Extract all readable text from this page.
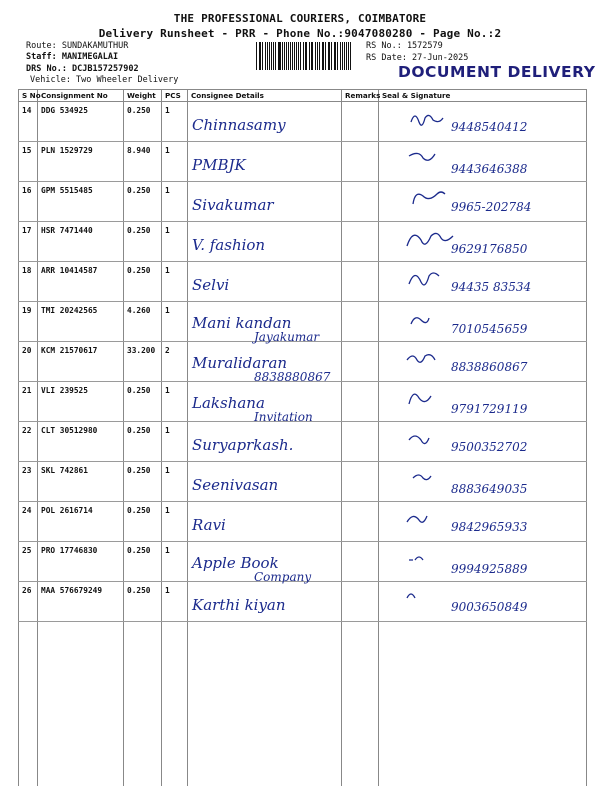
THE PROFESSIONAL COURIERS, COIMBATORE
Delivery Runsheet - PRR - Phone No.:9047080280 - Page No.:2
Route: SUNDAKAMUTHUR
Staff: MANIMEGALAI
DRS No.: DCJB157257902
Vehicle: Two Wheeler Delivery
RS No.: 1572579
RS Date: 27-Jun-2025
DOCUMENT DELIVERY
S No	Consignment No	Weight	PCS	Consignee Details	Remarks	Seal & Signature
14	DDG 534925	0.250	1	Chinnasamy		9448540412

15	PLN 1529729	8.940	1	PMBJK		9443646388

16	GPM 5515485	0.250	1	Sivakumar		9965-202784

17	HSR 7471440	0.250	1	V. fashion		9629176850

18	ARR 10414587	0.250	1	Selvi		94435 83534

19	TMI 20242565	4.260	1	Mani kandan
Jayakumar		7010545659

20	KCM 21570617	33.200	2	Muralidaran
8838880867		8838860867

21	VLI 239525	0.250	1	Lakshana
Invitation		9791729119

22	CLT 30512980	0.250	1	Suryaprkash.		9500352702

23	SKL 742861	0.250	1	Seenivasan		8883649035

24	POL 2616714	0.250	1	Ravi		9842965933

25	PRO 17746830	0.250	1	Apple Book
Company		9994925889

26	MAA 576679249	0.250	1	Karthi kiyan		9003650849
